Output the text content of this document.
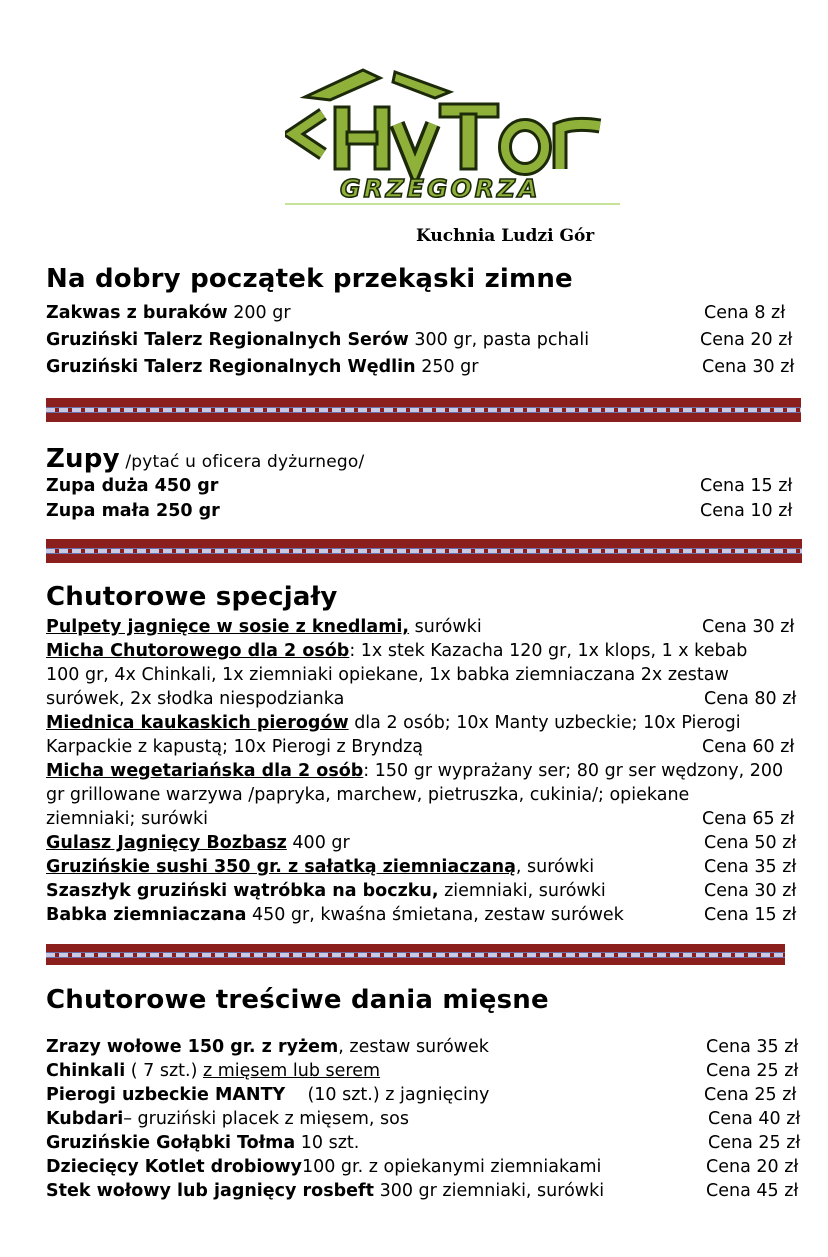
GRZEGORZA
Kuchnia Ludzi Gór
Na dobry początek przekąski zimne
Zakwas z buraków 200 gr	Cena 8 zł
Gruziński Talerz Regionalnych Serów 300 gr, pasta pchali	Cena 20 zł
Gruziński Talerz Regionalnych Wędlin 250 gr	Cena 30 zł
Zupy /pytać u oficera dyżurnego/
Zupa duża 450 gr	Cena 15 zł
Zupa mała 250 gr	Cena 10 zł
Chutorowe specjały
Pulpety jagnięce w sosie z knedlami, surówki	Cena 30 zł
Micha Chutorowego dla 2 osób: 1x stek Kazacha 120 gr, 1x klops, 1 x kebab
100 gr, 4x Chinkali, 1x ziemniaki opiekane, 1x babka ziemniaczana 2x zestaw
surówek, 2x słodka niespodzianka	Cena 80 zł
Miednica kaukaskich pierogów dla 2 osób; 10x Manty uzbeckie; 10x Pierogi
Karpackie z kapustą; 10x Pierogi z Bryndzą	Cena 60 zł
Micha wegetariańska dla 2 osób: 150 gr wyprażany ser; 80 gr ser wędzony, 200
gr grillowane warzywa /papryka, marchew, pietruszka, cukinia/; opiekane
ziemniaki; surówki	Cena 65 zł
Gulasz Jagnięcy Bozbasz 400 gr	Cena 50 zł
Gruzińskie sushi 350 gr. z sałatką ziemniaczaną, surówki	Cena 35 zł
Szaszłyk gruziński wątróbka na boczku, ziemniaki, surówki	Cena 30 zł
Babka ziemniaczana 450 gr, kwaśna śmietana, zestaw surówek	Cena 15 zł
Chutorowe treściwe dania mięsne
Zrazy wołowe 150 gr. z ryżem, zestaw surówek	Cena 35 zł
Chinkali ( 7 szt.) z mięsem lub serem	Cena 25 zł
Pierogi uzbeckie MANTY    (10 szt.) z jagnięciny	Cena 25 zł
Kubdari– gruziński placek z mięsem, sos	Cena 40 zł
Gruzińskie Gołąbki Tołma 10 szt.	Cena 25 zł
Dziecięcy Kotlet drobiowy100 gr. z opiekanymi ziemniakami	Cena 20 zł
Stek wołowy lub jagnięcy rosbeft 300 gr ziemniaki, surówki	Cena 45 zł
